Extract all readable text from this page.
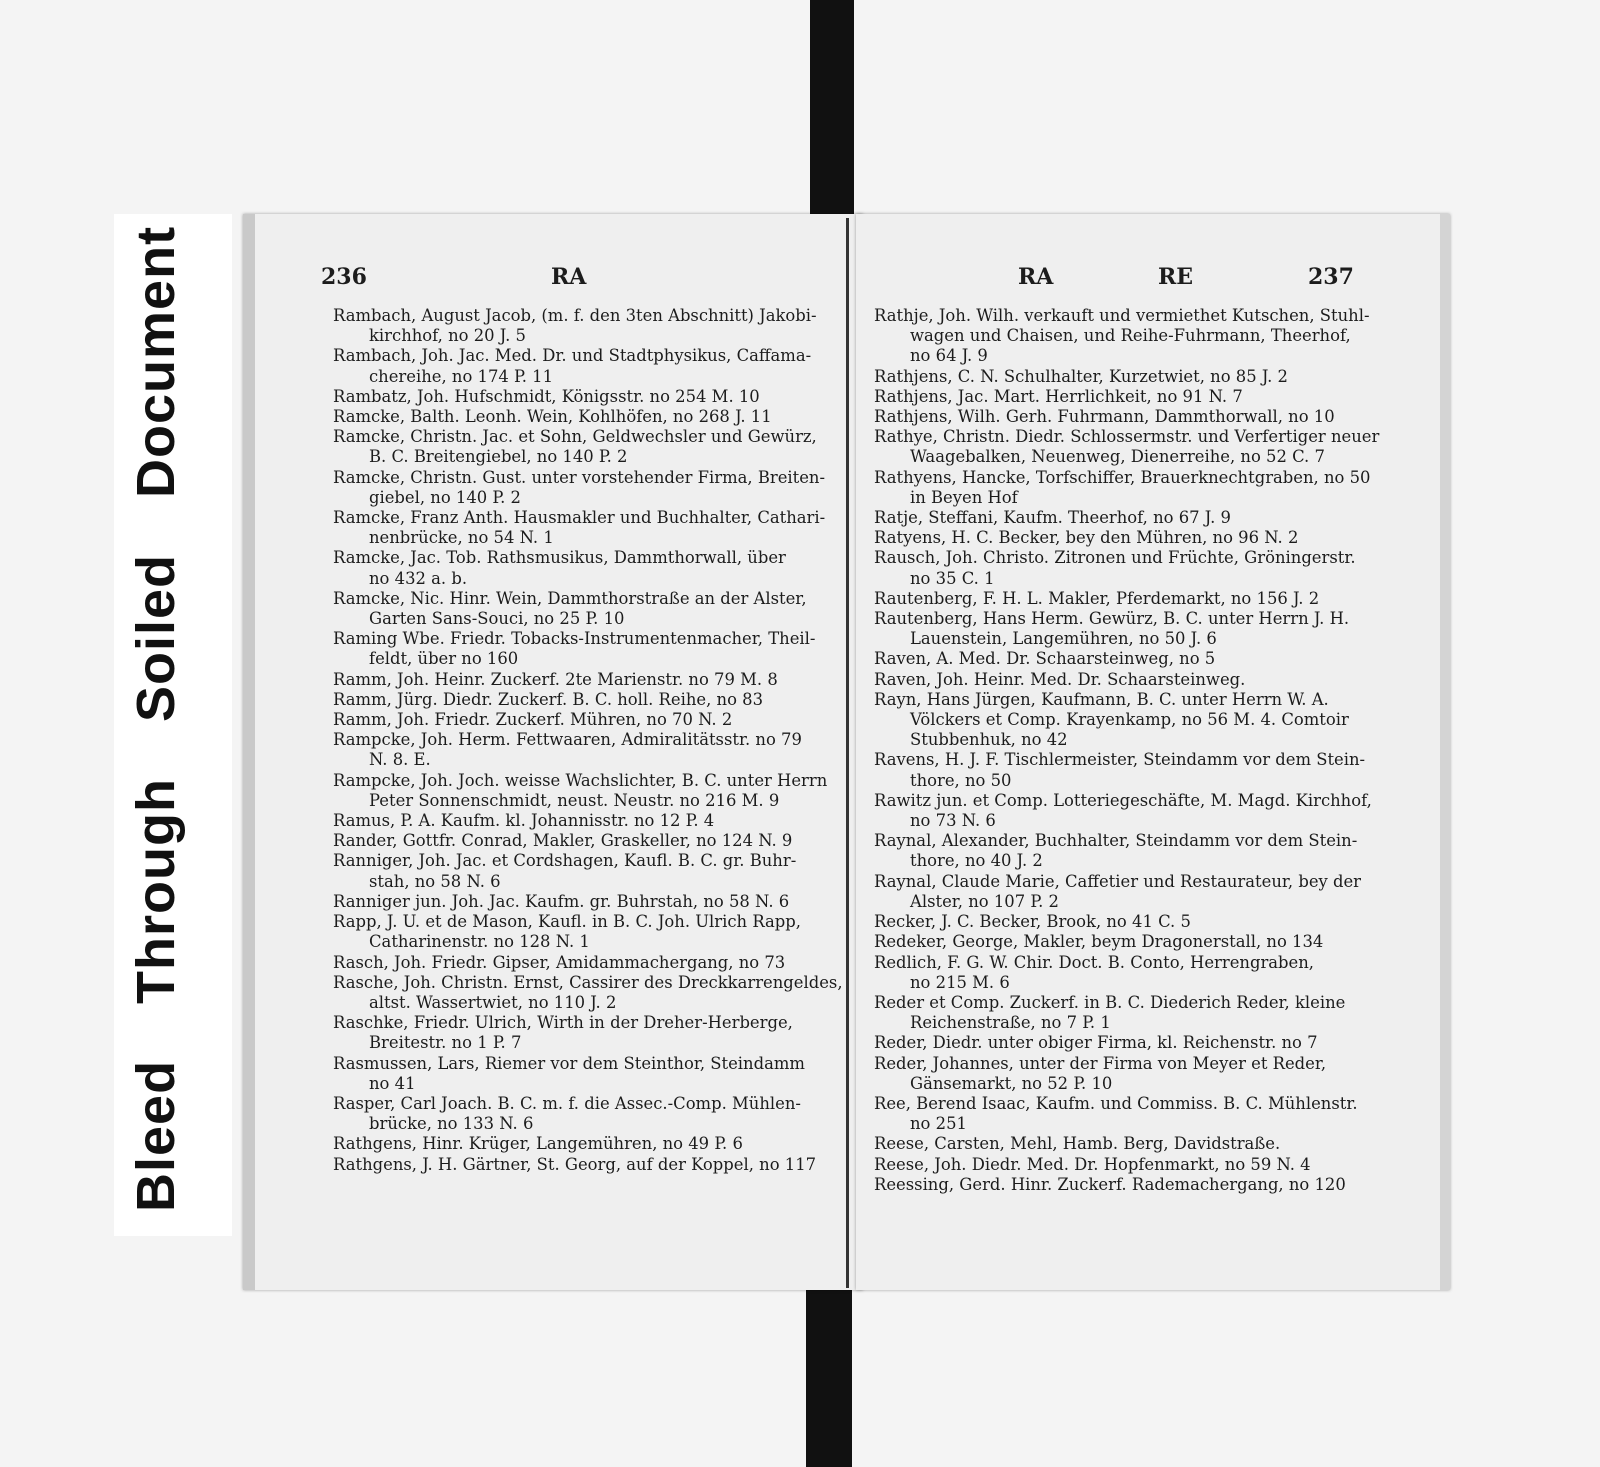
BleedThroughSoiledDocument	236	RA
Rambach, August Jacob, (m. f. den 3ten Abschnitt) Jakobi-
kirchhof, no 20 J. 5
Rambach, Joh. Jac. Med. Dr. und Stadtphysikus, Caffama-
chereihe, no 174 P. 11
Rambatz, Joh. Hufschmidt, Königsstr. no 254 M. 10
Ramcke, Balth. Leonh. Wein, Kohlhöfen, no 268 J. 11
Ramcke, Christn. Jac. et Sohn, Geldwechsler und Gewürz,
B. C. Breitengiebel, no 140 P. 2
Ramcke, Christn. Gust. unter vorstehender Firma, Breiten-
giebel, no 140 P. 2
Ramcke, Franz Anth. Hausmakler und Buchhalter, Cathari-
nenbrücke, no 54 N. 1
Ramcke, Jac. Tob. Rathsmusikus, Dammthorwall, über
no 432 a. b.
Ramcke, Nic. Hinr. Wein, Dammthorstraße an der Alster,
Garten Sans-Souci, no 25 P. 10
Raming Wbe. Friedr. Tobacks-Instrumentenmacher, Theil-
feldt, über no 160
Ramm, Joh. Heinr. Zuckerf. 2te Marienstr. no 79 M. 8
Ramm, Jürg. Diedr. Zuckerf. B. C. holl. Reihe, no 83
Ramm, Joh. Friedr. Zuckerf. Mühren, no 70 N. 2
Rampcke, Joh. Herm. Fettwaaren, Admiralitätsstr. no 79
N. 8. E.
Rampcke, Joh. Joch. weisse Wachslichter, B. C. unter Herrn
Peter Sonnenschmidt, neust. Neustr. no 216 M. 9
Ramus, P. A. Kaufm. kl. Johannisstr. no 12 P. 4
Rander, Gottfr. Conrad, Makler, Graskeller, no 124 N. 9
Ranniger, Joh. Jac. et Cordshagen, Kaufl. B. C. gr. Buhr-
stah, no 58 N. 6
Ranniger jun. Joh. Jac. Kaufm. gr. Buhrstah, no 58 N. 6
Rapp, J. U. et de Mason, Kaufl. in B. C. Joh. Ulrich Rapp,
Catharinenstr. no 128 N. 1
Rasch, Joh. Friedr. Gipser, Amidammachergang, no 73
Rasche, Joh. Christn. Ernst, Cassirer des Dreckkarrengeldes,
altst. Wassertwiet, no 110 J. 2
Raschke, Friedr. Ulrich, Wirth in der Dreher-Herberge,
Breitestr. no 1 P. 7
Rasmussen, Lars, Riemer vor dem Steinthor, Steindamm
no 41
Rasper, Carl Joach. B. C. m. f. die Assec.-Comp. Mühlen-
brücke, no 133 N. 6
Rathgens, Hinr. Krüger, Langemühren, no 49 P. 6
Rathgens, J. H. Gärtner, St. Georg, auf der Koppel, no 117
RA	RE	237
Rathje, Joh. Wilh. verkauft und vermiethet Kutschen, Stuhl-
wagen und Chaisen, und Reihe-Fuhrmann, Theerhof,
no 64 J. 9
Rathjens, C. N. Schulhalter, Kurzetwiet, no 85 J. 2
Rathjens, Jac. Mart. Herrlichkeit, no 91 N. 7
Rathjens, Wilh. Gerh. Fuhrmann, Dammthorwall, no 10
Rathye, Christn. Diedr. Schlossermstr. und Verfertiger neuer
Waagebalken, Neuenweg, Dienerreihe, no 52 C. 7
Rathyens, Hancke, Torfschiffer, Brauerknechtgraben, no 50
in Beyen Hof
Ratje, Steffani, Kaufm. Theerhof, no 67 J. 9
Ratyens, H. C. Becker, bey den Mühren, no 96 N. 2
Rausch, Joh. Christo. Zitronen und Früchte, Gröningerstr.
no 35 C. 1
Rautenberg, F. H. L. Makler, Pferdemarkt, no 156 J. 2
Rautenberg, Hans Herm. Gewürz, B. C. unter Herrn J. H.
Lauenstein, Langemühren, no 50 J. 6
Raven, A. Med. Dr. Schaarsteinweg, no 5
Raven, Joh. Heinr. Med. Dr. Schaarsteinweg.
Rayn, Hans Jürgen, Kaufmann, B. C. unter Herrn W. A.
Völckers et Comp. Krayenkamp, no 56 M. 4. Comtoir
Stubbenhuk, no 42
Ravens, H. J. F. Tischlermeister, Steindamm vor dem Stein-
thore, no 50
Rawitz jun. et Comp. Lotteriegeschäfte, M. Magd. Kirchhof,
no 73 N. 6
Raynal, Alexander, Buchhalter, Steindamm vor dem Stein-
thore, no 40 J. 2
Raynal, Claude Marie, Caffetier und Restaurateur, bey der
Alster, no 107 P. 2
Recker, J. C. Becker, Brook, no 41 C. 5
Redeker, George, Makler, beym Dragonerstall, no 134
Redlich, F. G. W. Chir. Doct. B. Conto, Herrengraben,
no 215 M. 6
Reder et Comp. Zuckerf. in B. C. Diederich Reder, kleine
Reichenstraße, no 7 P. 1
Reder, Diedr. unter obiger Firma, kl. Reichenstr. no 7
Reder, Johannes, unter der Firma von Meyer et Reder,
Gänsemarkt, no 52 P. 10
Ree, Berend Isaac, Kaufm. und Commiss. B. C. Mühlenstr.
no 251
Reese, Carsten, Mehl, Hamb. Berg, Davidstraße.
Reese, Joh. Diedr. Med. Dr. Hopfenmarkt, no 59 N. 4
Reessing, Gerd. Hinr. Zuckerf. Rademachergang, no 120
